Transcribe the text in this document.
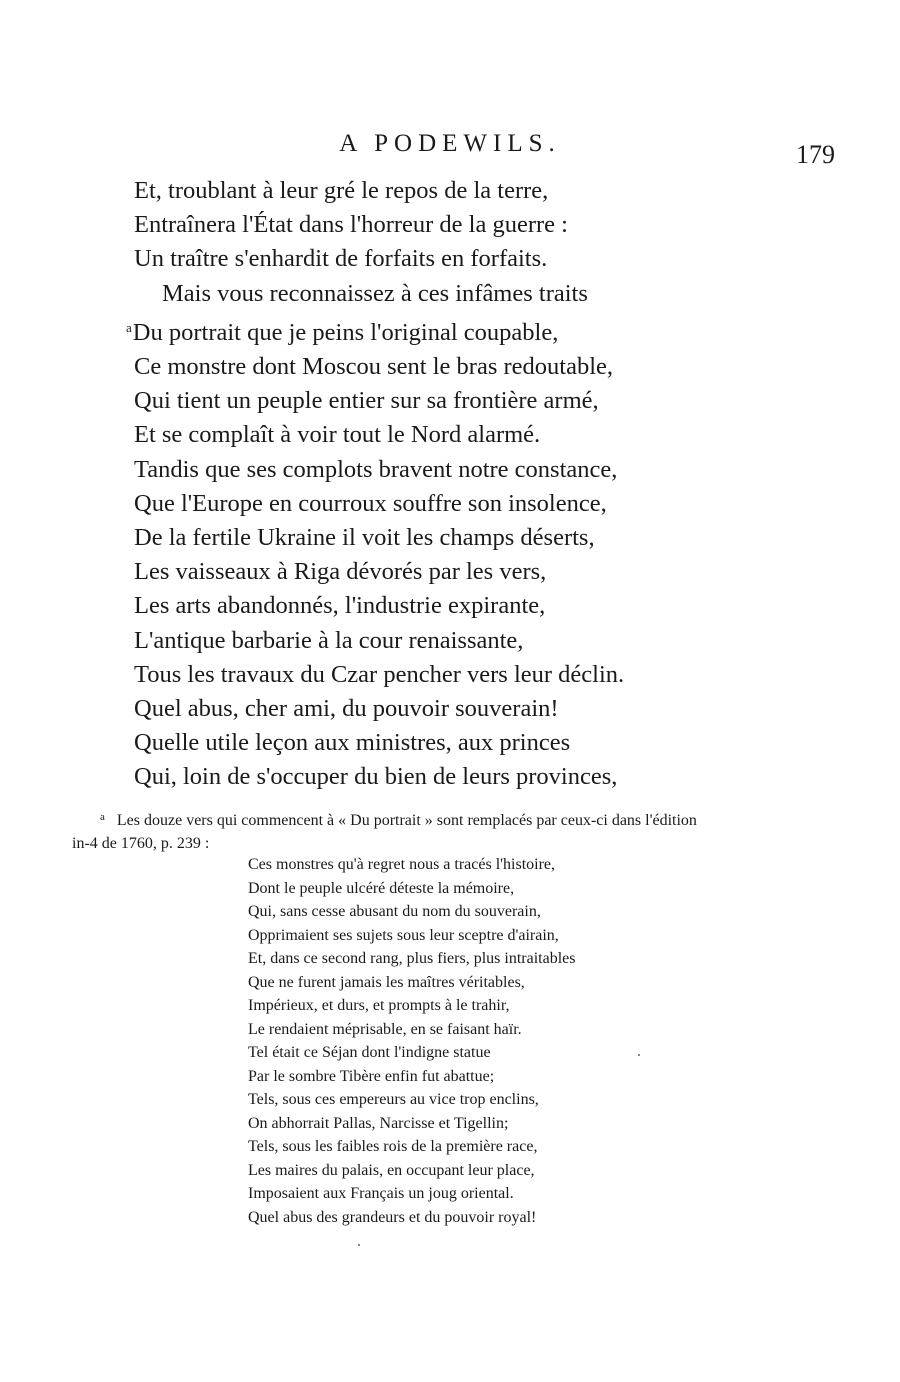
A PODEWILS.	179
Et, troublant à leur gré le repos de la terre,
Entraînera l'État dans l'horreur de la guerre :
Un traître s'enhardit de forfaits en forfaits.
Mais vous reconnaissez à ces infâmes traits
$^a$Du portrait que je peins l'original coupable,
Ce monstre dont Moscou sent le bras redoutable,
Qui tient un peuple entier sur sa frontière armé,
Et se complaît à voir tout le Nord alarmé.
Tandis que ses complots bravent notre constance,
Que l'Europe en courroux souffre son insolence,
De la fertile Ukraine il voit les champs déserts,
Les vaisseaux à Riga dévorés par les vers,
Les arts abandonnés, l'industrie expirante,
L'antique barbarie à la cour renaissante,
Tous les travaux du Czar pencher vers leur déclin.
Quel abus, cher ami, du pouvoir souverain!
Quelle utile leçon aux ministres, aux princes
Qui, loin de s'occuper du bien de leurs provinces,
$^a$ Les douze vers qui commencent à « Du portrait » sont remplacés par ceux-ci dans l'édition
in-4 de 1760, p. 239 :
Ces monstres qu'à regret nous a tracés l'histoire,
Dont le peuple ulcéré déteste la mémoire,
Qui, sans cesse abusant du nom du souverain,
Opprimaient ses sujets sous leur sceptre d'airain,
Et, dans ce second rang, plus fiers, plus intraitables
Que ne furent jamais les maîtres véritables,
Impérieux, et durs, et prompts à le trahir,
Le rendaient méprisable, en se faisant haïr.
Tel était ce Séjan dont l'indigne statue
Par le sombre Tibère enfin fut abattue;
Tels, sous ces empereurs au vice trop enclins,
On abhorrait Pallas, Narcisse et Tigellin;
Tels, sous les faibles rois de la première race,
Les maires du palais, en occupant leur place,
Imposaient aux Français un joug oriental.
Quel abus des grandeurs et du pouvoir royal!
